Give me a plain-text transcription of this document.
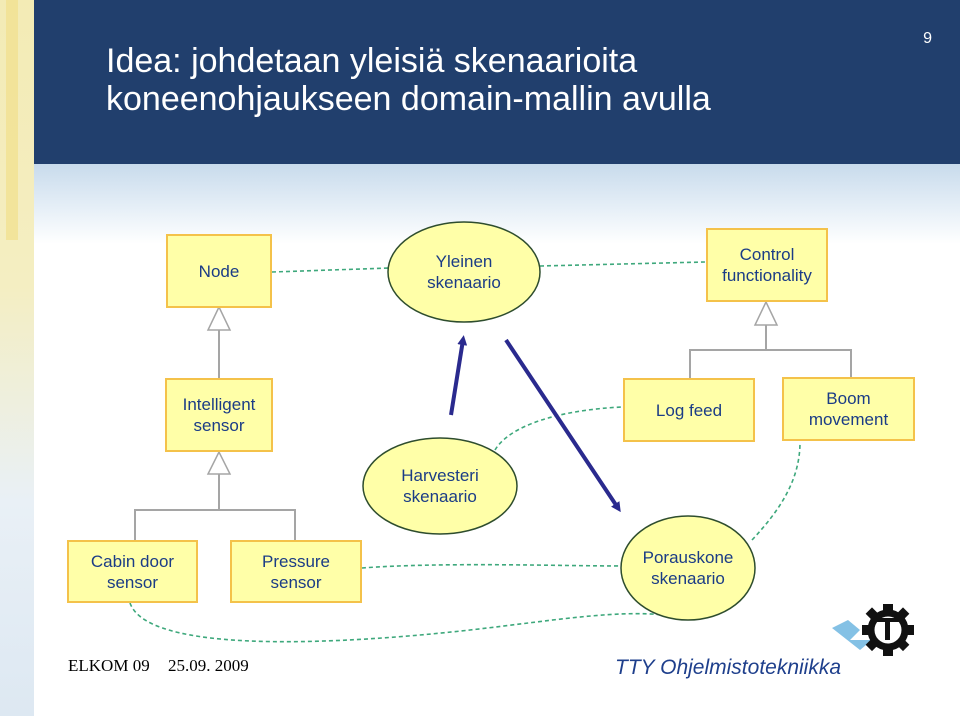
Idea: johdetaan yleisiä skenaarioita
koneenohjaukseen domain-mallin avulla
9
Node
Control
functionality
Intelligent
sensor
Log feed
Boom
movement
Cabin door
sensor
Pressure
sensor
Yleinen
skenaario
Harvesteri
skenaario
Porauskone
skenaario
ELKOM 09 25.09. 2009	TTY Ohjelmistotekniikka
